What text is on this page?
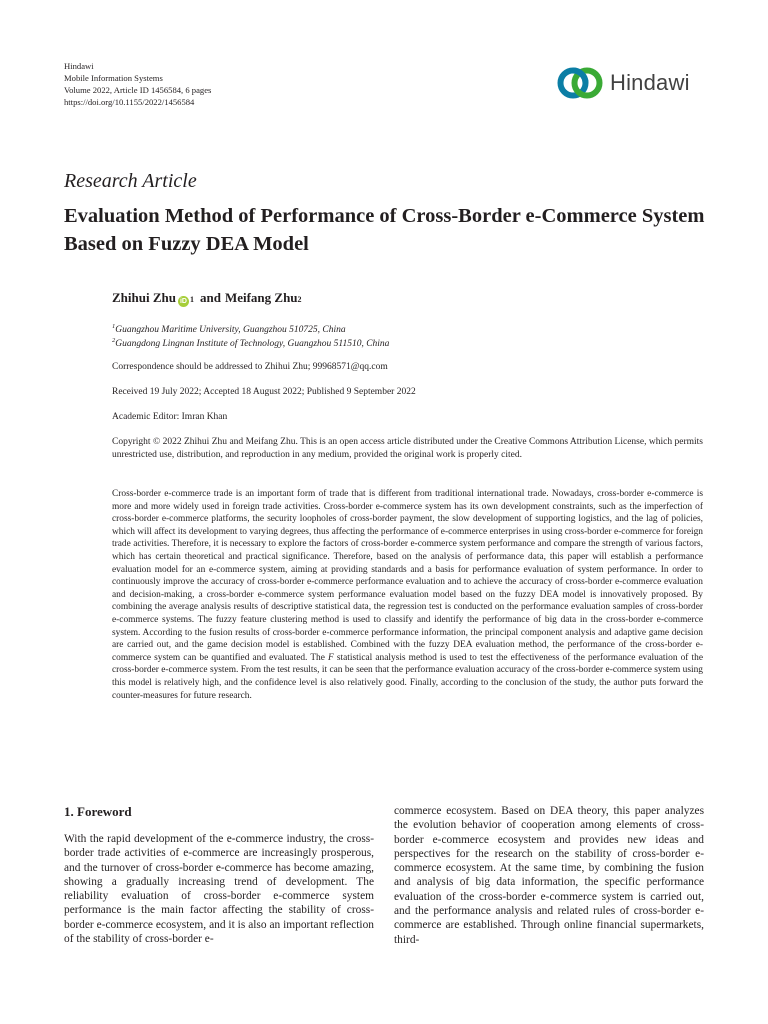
Hindawi
Mobile Information Systems
Volume 2022, Article ID 1456584, 6 pages
https://doi.org/10.1155/2022/1456584
Hindawi
Research Article
Evaluation Method of Performance of Cross-Border e-Commerce System Based on Fuzzy DEA Model
Zhihui Zhu iD 1 and Meifang Zhu 2
$^1$Guangzhou Maritime University, Guangzhou 510725, China
$^2$Guangdong Lingnan Institute of Technology, Guangzhou 511510, China
Correspondence should be addressed to Zhihui Zhu; 99968571@qq.com
Received 19 July 2022; Accepted 18 August 2022; Published 9 September 2022
Academic Editor: Imran Khan

Copyright © 2022 Zhihui Zhu and Meifang Zhu. This is an open access article distributed under the Creative Commons Attribution License, which permits unrestricted use, distribution, and reproduction in any medium, provided the original work is properly cited.

Cross-border e-commerce trade is an important form of trade that is different from traditional international trade. Nowadays, cross-border e-commerce is more and more widely used in foreign trade activities. Cross-border e-commerce system has its own development constraints, such as the imperfection of cross-border e-commerce platforms, the security loopholes of cross-border payment, the slow development of supporting logistics, and the lag of policies, which will affect its development to varying degrees, thus affecting the performance of e-commerce enterprises in using cross-border e-commerce for foreign trade activities. Therefore, it is necessary to explore the factors of cross-border e-commerce system performance and compare the strength of various factors, which has certain theoretical and practical significance. Therefore, based on the analysis of performance data, this paper will establish a performance evaluation model for an e-commerce system, aiming at providing standards and a basis for performance evaluation of system performance. In order to continuously improve the accuracy of cross-border e-commerce performance evaluation and to achieve the accuracy of cross-border e-commerce evaluation and decision-making, a cross-border e-commerce system performance evaluation model based on the fuzzy DEA model is innovatively proposed. By combining the average analysis results of descriptive statistical data, the regression test is conducted on the performance evaluation samples of cross-border e-commerce systems. The fuzzy feature clustering method is used to classify and identify the performance of big data in the cross-border e-commerce system. According to the fusion results of cross-border e-commerce performance information, the principal component analysis and adaptive game decision are carried out, and the game decision model is established. Combined with the fuzzy DEA evaluation method, the performance of the cross-border e-commerce system can be quantified and evaluated. The F statistical analysis method is used to test the effectiveness of the performance evaluation of the cross-border e-commerce system. From the test results, it can be seen that the performance evaluation accuracy of the cross-border e-commerce system using this model is relatively high, and the confidence level is also relatively good. Finally, according to the conclusion of the study, the author puts forward the counter-measures for future research.

1. Foreword

With the rapid development of the e-commerce industry, the cross-border trade activities of e-commerce are increasingly prosperous, and the turnover of cross-border e-commerce has become amazing, showing a gradually increasing trend of development. The reliability evaluation of cross-border e-commerce system performance is the main factor affecting the stability of cross-border e-commerce ecosystem, and it is also an important reflection of the stability of cross-border e-

commerce ecosystem. Based on DEA theory, this paper analyzes the evolution behavior of cooperation among elements of cross-border e-commerce ecosystem and provides new ideas and perspectives for the research on the stability of cross-border e-commerce ecosystem. At the same time, by combining the fusion and analysis of big data information, the specific performance evaluation of the cross-border e-commerce system is carried out, and the performance analysis and related rules of cross-border e-commerce are established. Through online financial supermarkets, third-
